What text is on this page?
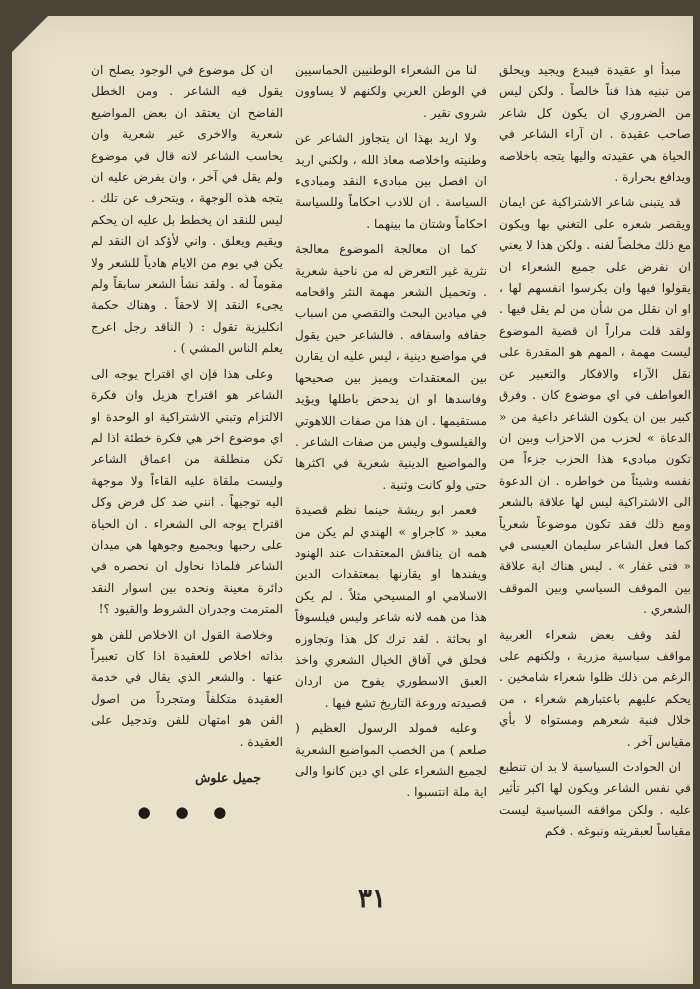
مبدأ او عقيدة فيبدع ويجيد ويحلق من تبنيه هذا فناً خالصاً . ولكن ليس من الضروري ان يكون كل شاعر صاحب عقيدة . ان آراء الشاعر في الحياة هي عقيدته واليها يتجه باخلاصه ويدافع بحرارة .

قد يتبنى شاعر الاشتراكية عن ايمان ويقصر شعره على التغني بها ويكون مع ذلك مخلصاً لفنه . ولكن هذا لا يعني ان نفرض على جميع الشعراء ان يقولوا فيها وان يكرسوا انفسهم لها ، او ان نقلل من شأن من لم يقل فيها . ولقد قلت مراراً ان قضية الموضوع ليست مهمة ، المهم هو المقدرة على نقل الآراء والافكار والتعبير عن العواطف في اي موضوع كان . وفرق كبير بين ان يكون الشاعر داعية من « الدعاة » لحزب من الاحزاب وبين ان تكون مبادىء هذا الحزب جزءاً من نفسه وشيئاً من خواطره . ان الدعوة الى الاشتراكية ليس لها علاقة بالشعر ومع ذلك فقد تكون موضوعاً شعرياً كما فعل الشاعر سليمان العيسى في « فتى غفار » . ليس هناك اية علاقة بين الموقف السياسي وبين الموقف الشعري .

لقد وقف بعض شعراء العربية مواقف سياسية مزرية ، ولكنهم على الرغم من ذلك ظلوا شعراء شامخين . يحكم عليهم باعتبارهم شعراء ، من خلال فنية شعرهم ومستواه لا بأي مقياس آخر .

ان الحوادث السياسية لا بد ان تنطبع في نفس الشاعر ويكون لها اكبر تأثير عليه . ولكن مواقفه السياسية ليست مقياساً لعبقريته ونبوغه . فكم

لنا من الشعراء الوطنيين الحماسيين في الوطن العربي ولكنهم لا يساوون شروى نقير .

ولا اريد بهذا ان يتجاوز الشاعر عن وطنيته واخلاصه معاذ الله ، ولكني اريد ان افصل بين مبادىء النقد ومبادىء السياسة . ان للادب احكاماً وللسياسة احكاماً وشتان ما بينهما .

كما ان معالجة الموضوع معالجة نثرية غير التعرض له من ناحية شعرية . وتحميل الشعر مهمة النثر واقحامه في ميادين البحث والتقصي من اسباب جفافه واسفافه . فالشاعر حين يقول في مواضيع دينية ، ليس عليه ان يقارن بين المعتقدات ويميز بين صحيحها وفاسدها او ان يدحض باطلها ويؤيد مستقيمها . ان هذا من صفات اللاهوتي والفيلسوف وليس من صفات الشاعر . والمواضيع الدينية شعرية في اكثرها حتى ولو كانت وثنية .

فعمر ابو ريشة حينما نظم قصيدة معبد « كاجراو » الهندي لم يكن من همه ان يناقش المعتقدات عند الهنود ويفندها او يقارنها بمعتقدات الدين الاسلامي او المسيحي مثلاً . لم يكن هذا من همه لانه شاعر وليس فيلسوفاً او بحاثة . لقد ترك كل هذا وتجاوزه فحلق في آفاق الخيال الشعري واخذ العبق الاسطوري يفوح من اردان قصيدته وروعة التاريخ تشع فيها .

وعليه فمولد الرسول العظيم ( صلعم ) من الخصب المواضيع الشعرية لجميع الشعراء على اي دين كانوا والى اية ملة انتسبوا .

ان كل موضوع في الوجود يصلح ان يقول فيه الشاعر . ومن الخطل الفاضح ان يعتقد ان بعض المواضيع شعرية والاخرى غير شعرية وان يحاسب الشاعر لانه قال في موضوع ولم يقل في آخر ، وان يفرض عليه ان يتجه هذه الوجهة ، ويتحرف عن تلك . ليس للنقد ان يخطط بل عليه ان يحكم ويقيم ويعلق . واني لأؤكد ان النقد لم يكن في يوم من الايام هادياً للشعر ولا مقوماً له . ولقد نشأ الشعر سابقاً ولم يجىء النقد إلا لاحقاً . وهناك حكمة انكليزية تقول : ( الناقد رجل اعرج يعلم الناس المشي ) .

وعلى هذا فإن اي اقتراح يوجه الى الشاعر هو اقتراح هزيل وان فكرة الالتزام وتبني الاشتراكية او الوحدة او اي موضوع اخر هي فكرة خطئة اذا لم تكن منطلقة من اعماق الشاعر وليست ملقاة عليه القاءاً ولا موجهة اليه توجيهاً . انني ضد كل فرض وكل اقتراح يوجه الى الشعراء . ان الحياة على رحبها وبجميع وجوهها هي ميدان الشاعر فلماذا نحاول ان نحصره في دائرة معينة ونحده بين اسوار النقد المترمت وجدران الشروط والقيود ؟!

وخلاصة القول ان الاخلاص للفن هو بذاته اخلاص للعقيدة اذا كان تعبيراً عنها . والشعر الذي يقال في خدمة العقيدة متكلفاً ومتجرداً من اصول الفن هو امتهان للفن وتدجيل على العقيدة .

جميل علوش
● ● ●
٣١
